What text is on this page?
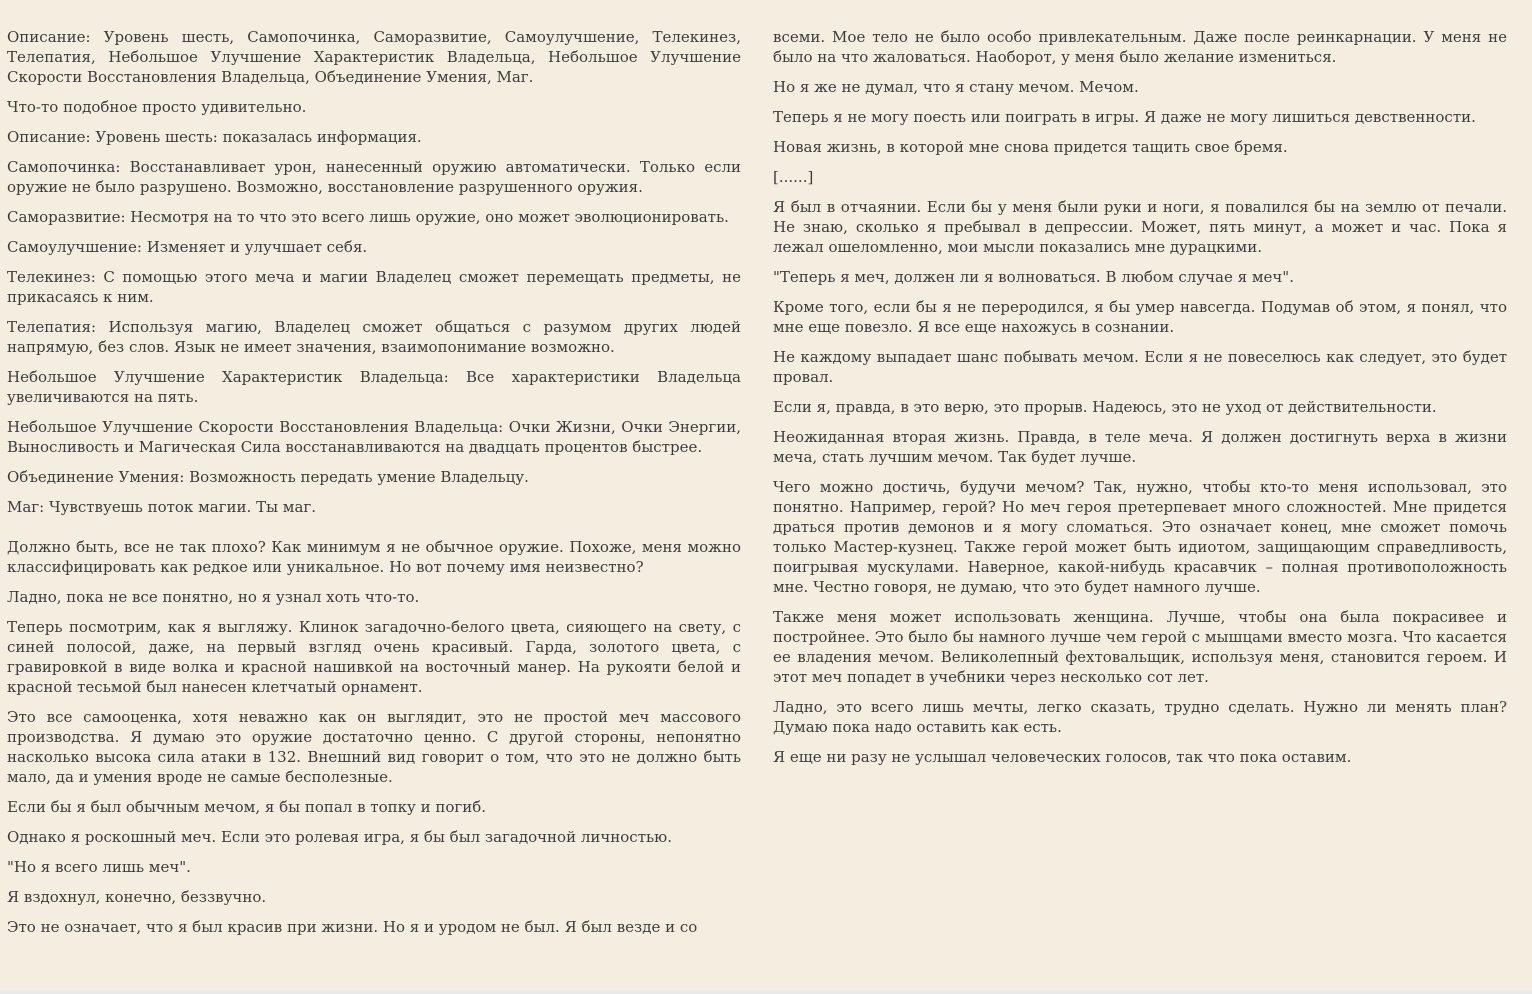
Описание: Уровень шесть, Самопочинка, Саморазвитие, Самоулучшение, Телекинез, Телепатия, Небольшое Улучшение Характеристик Владельца, Небольшое Улучшение Скорости Восстановления Владельца, Объединение Умения, Маг.

Что-то подобное просто удивительно.

Описание: Уровень шесть: показалась информация.

Самопочинка: Восстанавливает урон, нанесенный оружию автоматически. Только если оружие не было разрушено. Возможно, восстановление разрушенного оружия.

Саморазвитие: Несмотря на то что это всего лишь оружие, оно может эволюционировать.

Самоулучшение: Изменяет и улучшает себя.

Телекинез: С помощью этого меча и магии Владелец сможет перемещать предметы, не прикасаясь к ним.

Телепатия: Используя магию, Владелец сможет общаться с разумом других людей напрямую, без слов. Язык не имеет значения, взаимопонимание возможно.

Небольшое Улучшение Характеристик Владельца: Все характеристики Владельца увеличиваются на пять.

Небольшое Улучшение Скорости Восстановления Владельца: Очки Жизни, Очки Энергии, Выносливость и Магическая Сила восстанавливаются на двадцать процентов быстрее.

Объединение Умения: Возможность передать умение Владельцу.

Маг: Чувствуешь поток магии. Ты маг.

Должно быть, все не так плохо? Как минимум я не обычное оружие. Похоже, меня можно классифицировать как редкое или уникальное. Но вот почему имя неизвестно?

Ладно, пока не все понятно, но я узнал хоть что-то.

Теперь посмотрим, как я выгляжу. Клинок загадочно-белого цвета, сияющего на свету, с синей полосой, даже, на первый взгляд очень красивый. Гарда, золотого цвета, с гравировкой в виде волка и красной нашивкой на восточный манер. На рукояти белой и красной тесьмой был нанесен клетчатый орнамент.

Это все самооценка, хотя неважно как он выглядит, это не простой меч массового производства. Я думаю это оружие достаточно ценно. С другой стороны, непонятно насколько высока сила атаки в 132. Внешний вид говорит о том, что это не должно быть мало, да и умения вроде не самые бесполезные.

Если бы я был обычным мечом, я бы попал в топку и погиб.

Однако я роскошный меч. Если это ролевая игра, я бы был загадочной личностью.

"Но я всего лишь меч".

Я вздохнул, конечно, беззвучно.

Это не означает, что я был красив при жизни. Но я и уродом не был. Я был везде и со

всеми. Мое тело не было особо привлекательным. Даже после реинкарнации. У меня не было на что жаловаться. Наоборот, у меня было желание измениться.

Но я же не думал, что я стану мечом. Мечом.

Теперь я не могу поесть или поиграть в игры. Я даже не могу лишиться девственности.

Новая жизнь, в которой мне снова придется тащить свое бремя.

[......]

Я был в отчаянии. Если бы у меня были руки и ноги, я повалился бы на землю от печали. Не знаю, сколько я пребывал в депрессии. Может, пять минут, а может и час. Пока я лежал ошеломленно, мои мысли показались мне дурацкими.

"Теперь я меч, должен ли я волноваться. В любом случае я меч".

Кроме того, если бы я не переродился, я бы умер навсегда. Подумав об этом, я понял, что мне еще повезло. Я все еще нахожусь в сознании.

Не каждому выпадает шанс побывать мечом. Если я не повеселюсь как следует, это будет провал.

Если я, правда, в это верю, это прорыв. Надеюсь, это не уход от действительности.

Неожиданная вторая жизнь. Правда, в теле меча. Я должен достигнуть верха в жизни меча, стать лучшим мечом. Так будет лучше.

Чего можно достичь, будучи мечом? Так, нужно, чтобы кто-то меня использовал, это понятно. Например, герой? Но меч героя претерпевает много сложностей. Мне придется драться против демонов и я могу сломаться. Это означает конец, мне сможет помочь только Мастер-кузнец. Также герой может быть идиотом, защищающим справедливость, поигрывая мускулами. Наверное, какой-нибудь красавчик – полная противоположность мне. Честно говоря, не думаю, что это будет намного лучше.

Также меня может использовать женщина. Лучше, чтобы она была покрасивее и постройнее. Это было бы намного лучше чем герой с мышцами вместо мозга. Что касается ее владения мечом. Великолепный фехтовальщик, используя меня, становится героем. И этот меч попадет в учебники через несколько сот лет.

Ладно, это всего лишь мечты, легко сказать, трудно сделать. Нужно ли менять план? Думаю пока надо оставить как есть.

Я еще ни разу не услышал человеческих голосов, так что пока оставим.
